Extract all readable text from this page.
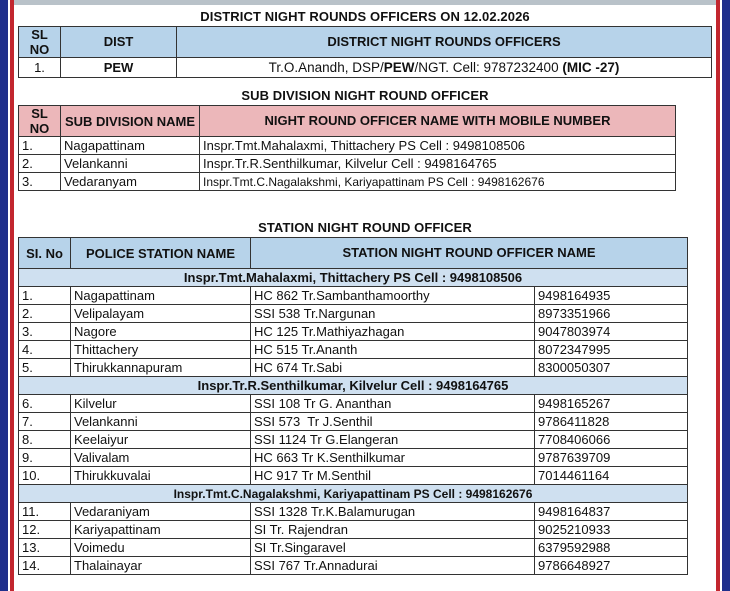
DISTRICT NIGHT ROUNDS OFFICERS ON 12.02.2026
SL NO	DIST	DISTRICT NIGHT ROUNDS OFFICERS
1.	PEW	Tr.O.Anandh, DSP/PEW/NGT. Cell: 9787232400 (MIC -27)
SUB DIVISION NIGHT ROUND OFFICER
SL NO	SUB DIVISION NAME	NIGHT ROUND OFFICER NAME WITH MOBILE NUMBER
1.	Nagapattinam	Inspr.Tmt.Mahalaxmi, Thittachery PS Cell : 9498108506
2.	Velankanni	Inspr.Tr.R.Senthilkumar, Kilvelur Cell : 9498164765
3.	Vedaranyam	Inspr.Tmt.C.Nagalakshmi, Kariyapattinam PS Cell : 9498162676
STATION NIGHT ROUND OFFICER
SI. No	POLICE STATION NAME	STATION NIGHT ROUND OFFICER NAME	
Inspr.Tmt.Mahalaxmi, Thittachery PS Cell : 9498108506			
1.	Nagapattinam	HC 862 Tr.Sambanthamoorthy	9498164935
2.	Velipalayam	SSI 538 Tr.Nargunan	8973351966
3.	Nagore	HC 125 Tr.Mathiyazhagan	9047803974
4.	Thittachery	HC 515 Tr.Ananth	8072347995
5.	Thirukkannapuram	HC 674 Tr.Sabi	8300050307
Inspr.Tr.R.Senthilkumar, Kilvelur Cell : 9498164765			
6.	Kilvelur	SSI 108 Tr G. Ananthan	9498165267
7.	Velankanni	SSI 573  Tr J.Senthil	9786411828
8.	Keelaiyur	SSI 1124 Tr G.Elangeran	7708406066
9.	Valivalam	HC 663 Tr K.Senthilkumar	9787639709
10.	Thirukkuvalai	HC 917 Tr M.Senthil	7014461164
Inspr.Tmt.C.Nagalakshmi, Kariyapattinam PS Cell : 9498162676			
11.	Vedaraniyam	SSI 1328 Tr.K.Balamurugan	9498164837
12.	Kariyapattinam	SI Tr. Rajendran	9025210933
13.	Voimedu	SI Tr.Singaravel	6379592988
14.	Thalainayar	SSI 767 Tr.Annadurai	9786648927
